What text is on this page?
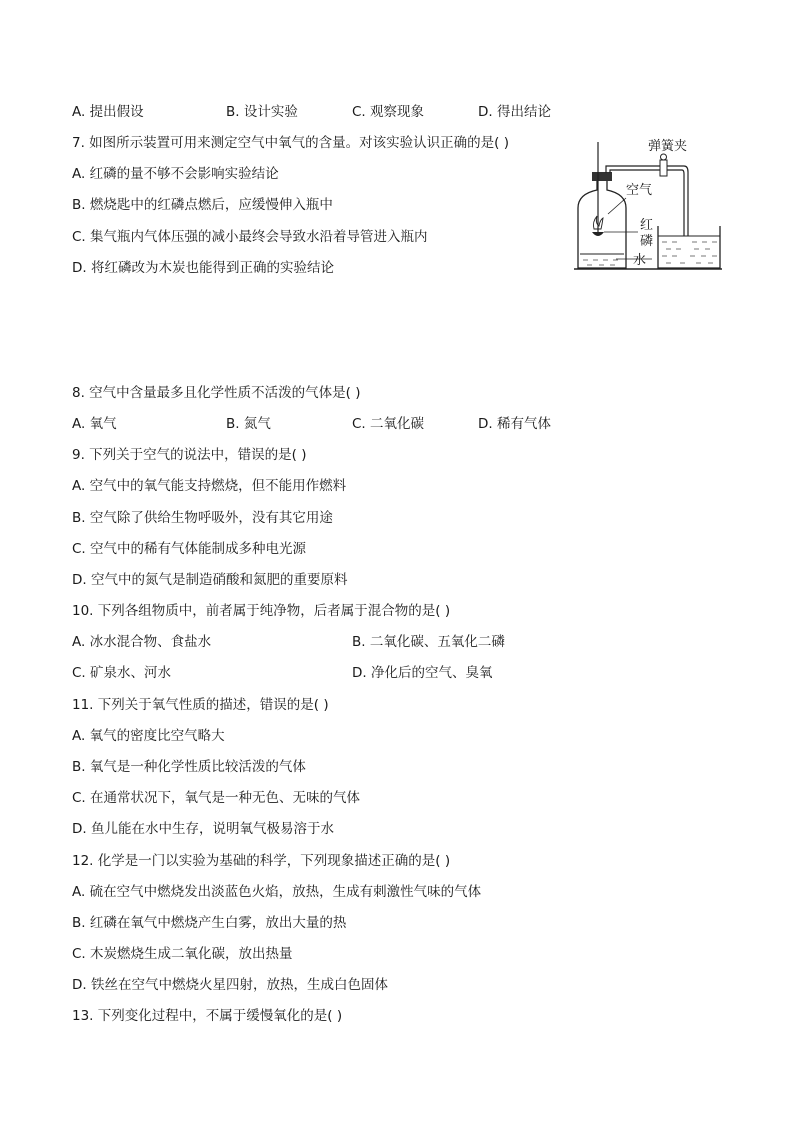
A. 提出假设	B. 设计实验	C. 观察现象	D. 得出结论
7. 如图所示装置可用来测定空气中氧气的含量。对该实验认识正确的是( )
A. 红磷的量不够不会影响实验结论
B. 燃烧匙中的红磷点燃后，应缓慢伸入瓶中
C. 集气瓶内气体压强的减小最终会导致水沿着导管进入瓶内
D. 将红磷改为木炭也能得到正确的实验结论
弹簧夹
空气
红
磷
水
8. 空气中含量最多且化学性质不活泼的气体是( )
A. 氧气	B. 氮气	C. 二氧化碳	D. 稀有气体
9. 下列关于空气的说法中，错误的是( )
A. 空气中的氧气能支持燃烧，但不能用作燃料
B. 空气除了供给生物呼吸外，没有其它用途
C. 空气中的稀有气体能制成多种电光源
D. 空气中的氮气是制造硝酸和氮肥的重要原料
10. 下列各组物质中，前者属于纯净物，后者属于混合物的是( )
A. 冰水混合物、食盐水	B. 二氧化碳、五氧化二磷
C. 矿泉水、河水	D. 净化后的空气、臭氧
11. 下列关于氧气性质的描述，错误的是( )
A. 氧气的密度比空气略大
B. 氧气是一种化学性质比较活泼的气体
C. 在通常状况下，氧气是一种无色、无味的气体
D. 鱼儿能在水中生存，说明氧气极易溶于水
12. 化学是一门以实验为基础的科学，下列现象描述正确的是( )
A. 硫在空气中燃烧发出淡蓝色火焰，放热，生成有刺激性气味的气体
B. 红磷在氧气中燃烧产生白雾，放出大量的热
C. 木炭燃烧生成二氧化碳，放出热量
D. 铁丝在空气中燃烧火星四射，放热，生成白色固体
13. 下列变化过程中，不属于缓慢氧化的是( )
